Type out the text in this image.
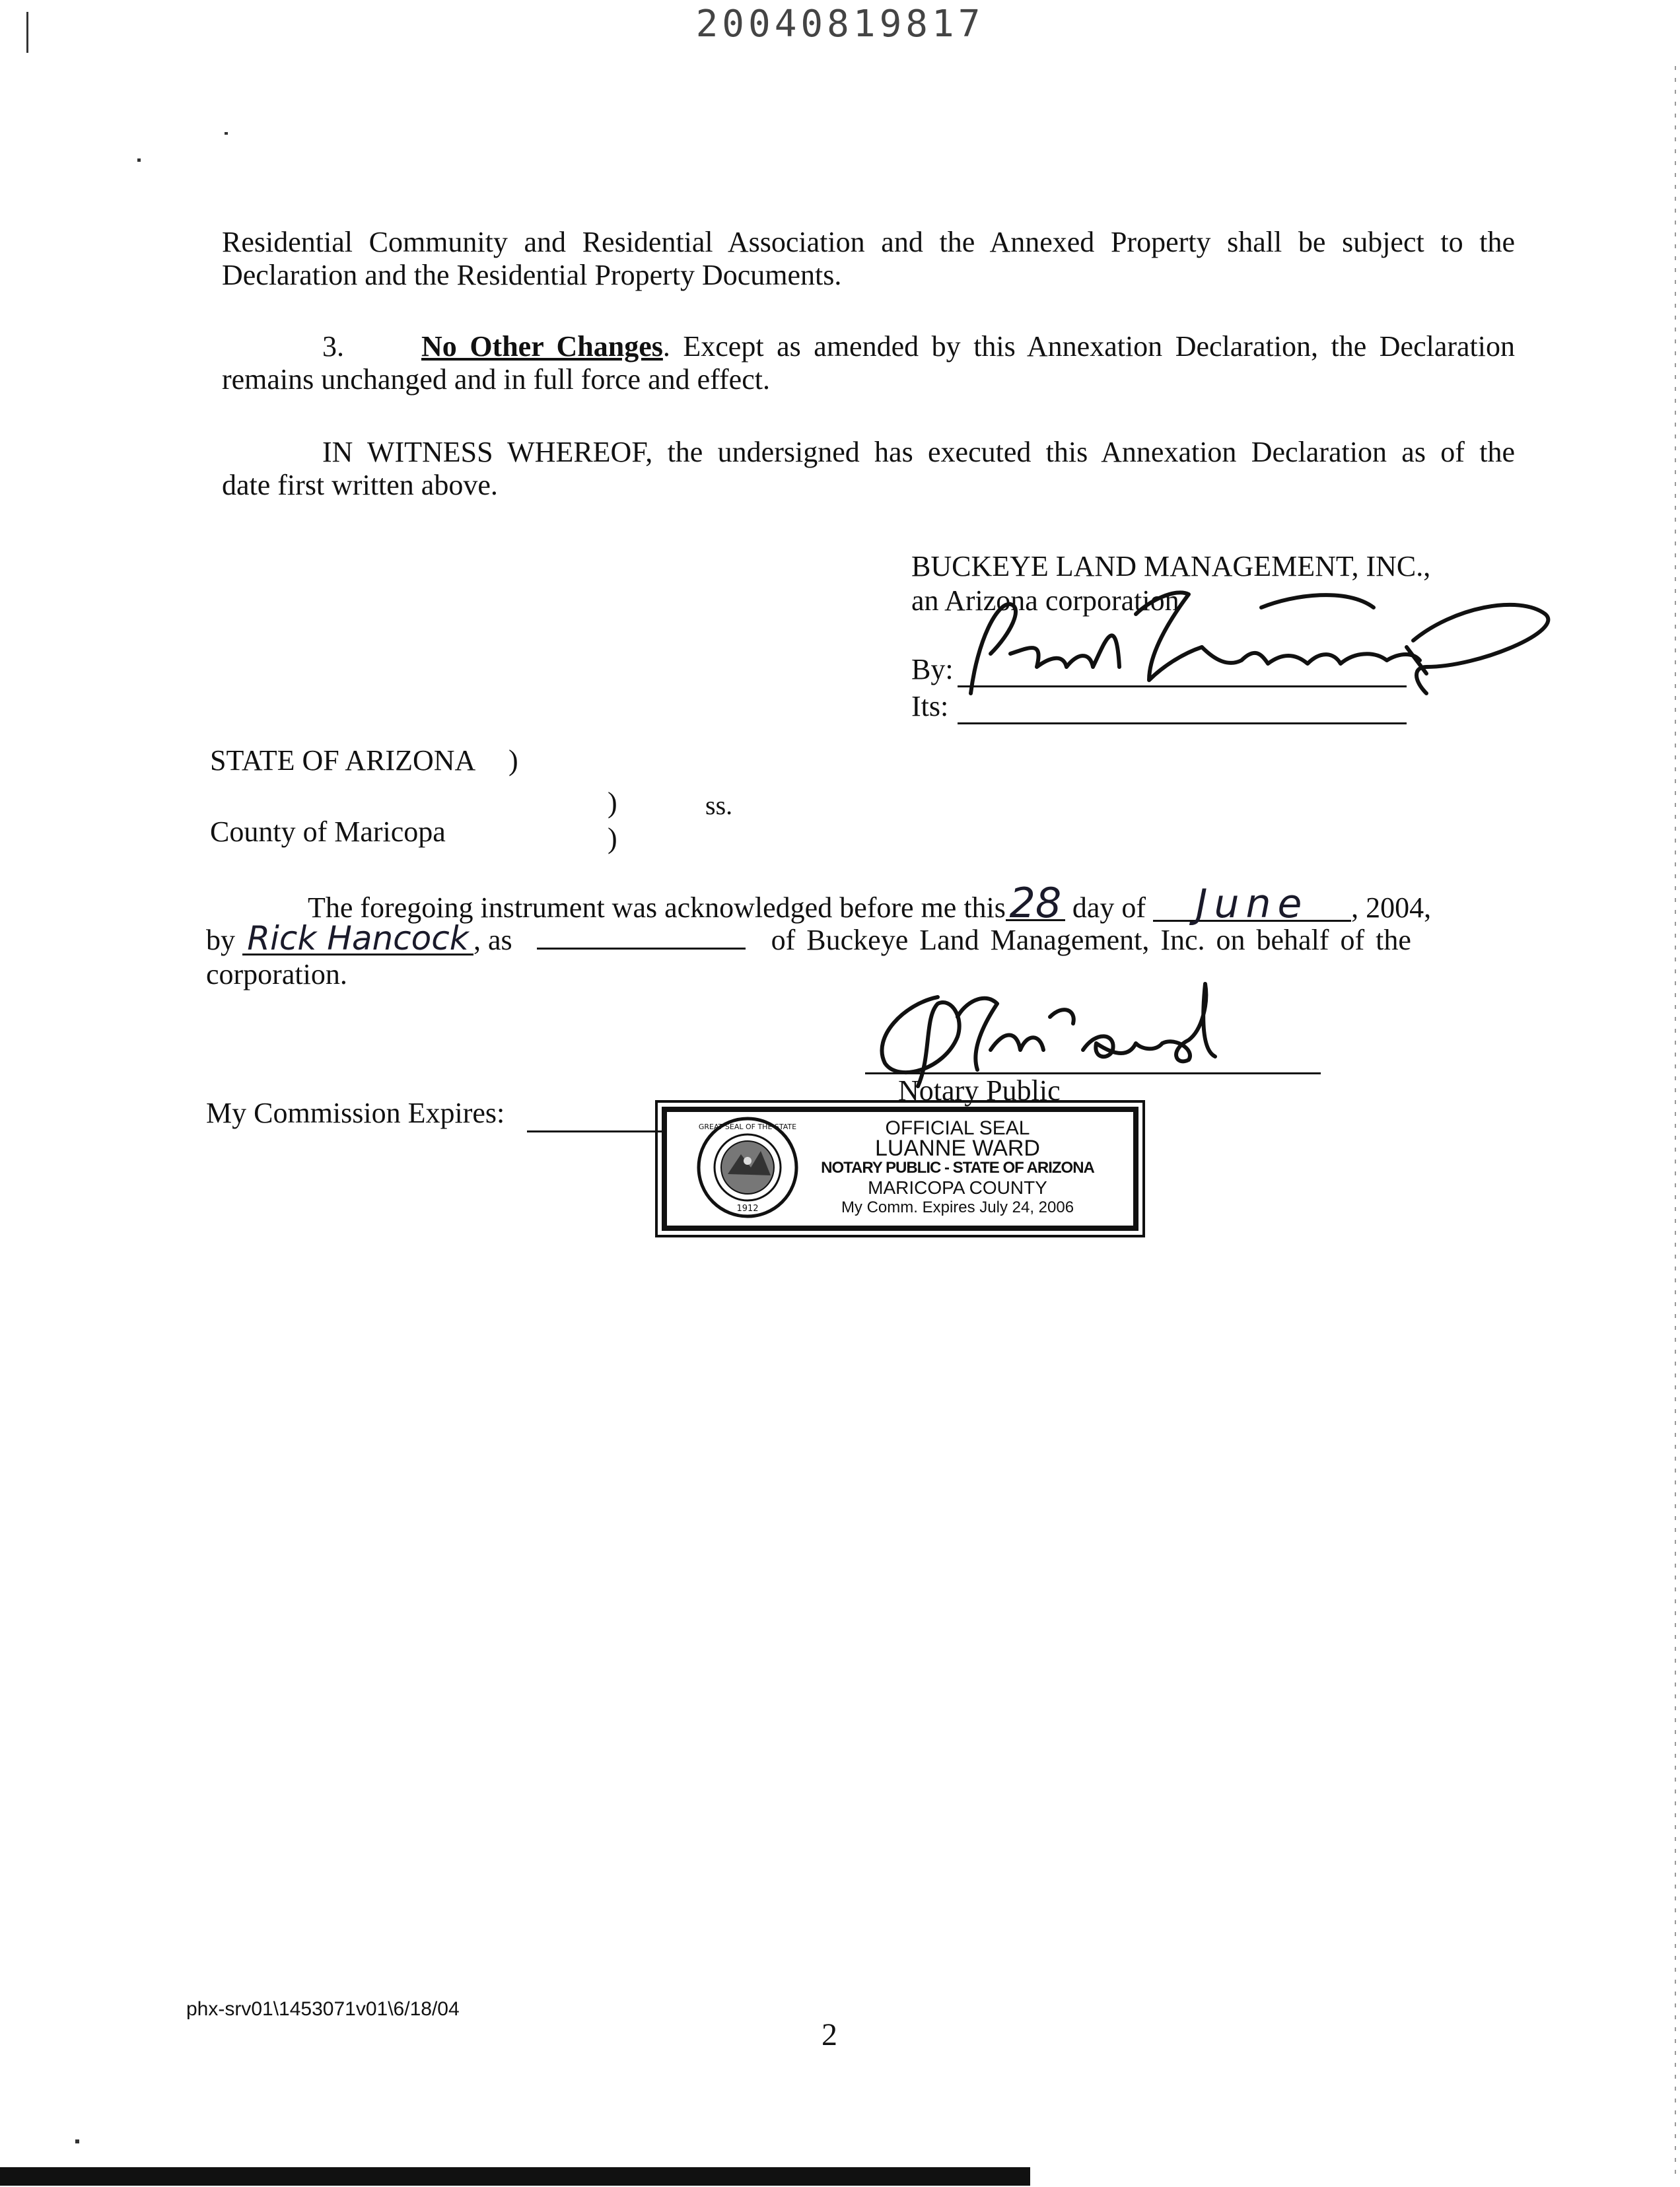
20040819817
Residential Community and Residential Association and the Annexed Property shall be subject to the
Declaration and the Residential Property Documents.
3.	No Other Changes. Except as amended by this Annexation Declaration, the Declaration
remains unchanged and in full force and effect.
IN WITNESS WHEREOF, the undersigned has executed this Annexation Declaration as of the
date first written above.
BUCKEYE LAND MANAGEMENT, INC.,
an Arizona corporation
By:
Its:
STATE OF ARIZONA )
)	ss.
County of Maricopa	)
The foregoing instrument was acknowledged before me this28 day of June , 2004,
by Rick Hancock , as	of Buckeye Land Management, Inc. on behalf of the
corporation.
Notary Public
My Commission Expires:	GREAT SEAL OF THE STATE
1912
OFFICIAL SEAL
LUANNE WARD
NOTARY PUBLIC - STATE OF ARIZONA
MARICOPA COUNTY
My Comm. Expires July 24, 2006
phx-srv01\1453071v01\6/18/04
2
